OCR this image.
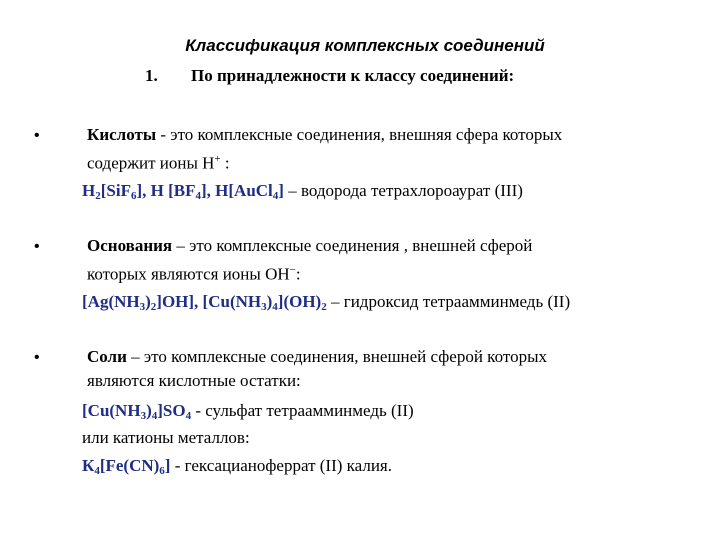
Классификация комплексных соединений
1. По принадлежности к классу соединений:
•	Кислоты - это комплексные соединения, внешняя сфера которых
содержит ионы Н+ :
$Н_2[SiF_6]$, Н $[BF_4]$, H[AuCl$_4$] – водорода тетрахлороаурат (III)
•	Основания – это комплексные соединения , внешней сферой
которых являются ионы ОН−:
$[Ag(NH_3)_2]OH$], $[Cu(NH_3)_4](OH)_2$ – гидроксид тетраамминмедь (II)
•	Соли – это комплексные соединения, внешней сферой которых
являются кислотные остатки:
$[Cu(NH_3)_4]SO_4$ - сульфат тетраамминмедь (II)
или катионы металлов:
$К_4[Fe(CN)_6]$ - гексацианоферрат (II) калия.
